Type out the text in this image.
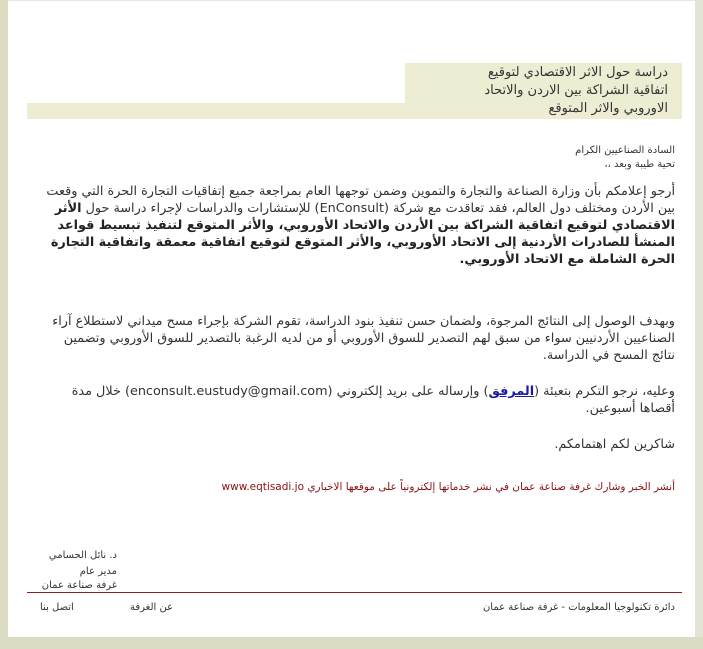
دراسة حول الاثر الاقتصادي لتوقيع
اتفاقية الشراكة بين الاردن والاتحاد
الاوروبي والاثر المتوقع
السادة الصناعيين الكرام
تحية طيبة وبعد ،،
أرجو إعلامكم بأن وزارة الصناعة والتجارة والتموين وضمن توجهها العام بمراجعة جميع إتفاقيات التجارة الحرة التي وقعت بين الأردن ومختلف دول العالم، فقد تعاقدت مع شركة (EnConsult) للإستشارات والدراسات لإجراء دراسة حول الأثر الاقتصادي لتوقيع اتفاقية الشراكة بين الأردن والاتحاد الأوروبي، والأثر المتوقع لتنفيذ تبسيط قواعد المنشأ للصادرات الأردنية إلى الاتحاد الأوروبي، والأثر المتوقع لتوقيع اتفاقية معمقة واتفاقية التجارة الحرة الشاملة مع الاتحاد الأوروبي.
وبهدف الوصول إلى النتائج المرجوة، ولضمان حسن تنفيذ بنود الدراسة، تقوم الشركة بإجراء مسح ميداني لاستطلاع آراء الصناعيين الأردنيين سواء من سبق لهم التصدير للسوق الأوروبي أو من لديه الرغبة بالتصدير للسوق الأوروبي وتضمين نتائج المسح في الدراسة.
وعليه، نرجو التكرم بتعبئة (المرفق) وإرساله على بريد إلكتروني (enconsult.eustudy@gmail.com) خلال مدة أقصاها أسبوعين.
شاكرين لكم اهتمامكم.
أنشر الخبر وشارك غرفة صناعة عمان في نشر خدماتها إلكترونياً على موقعها الاخباري www.eqtisadi.jo
د. نائل الحسامي
مدير عام
غرفة صناعة عمان
اتصل بنا	عن الغرفة	دائرة تكنولوجيا المعلومات - غرفة صناعة عمان
